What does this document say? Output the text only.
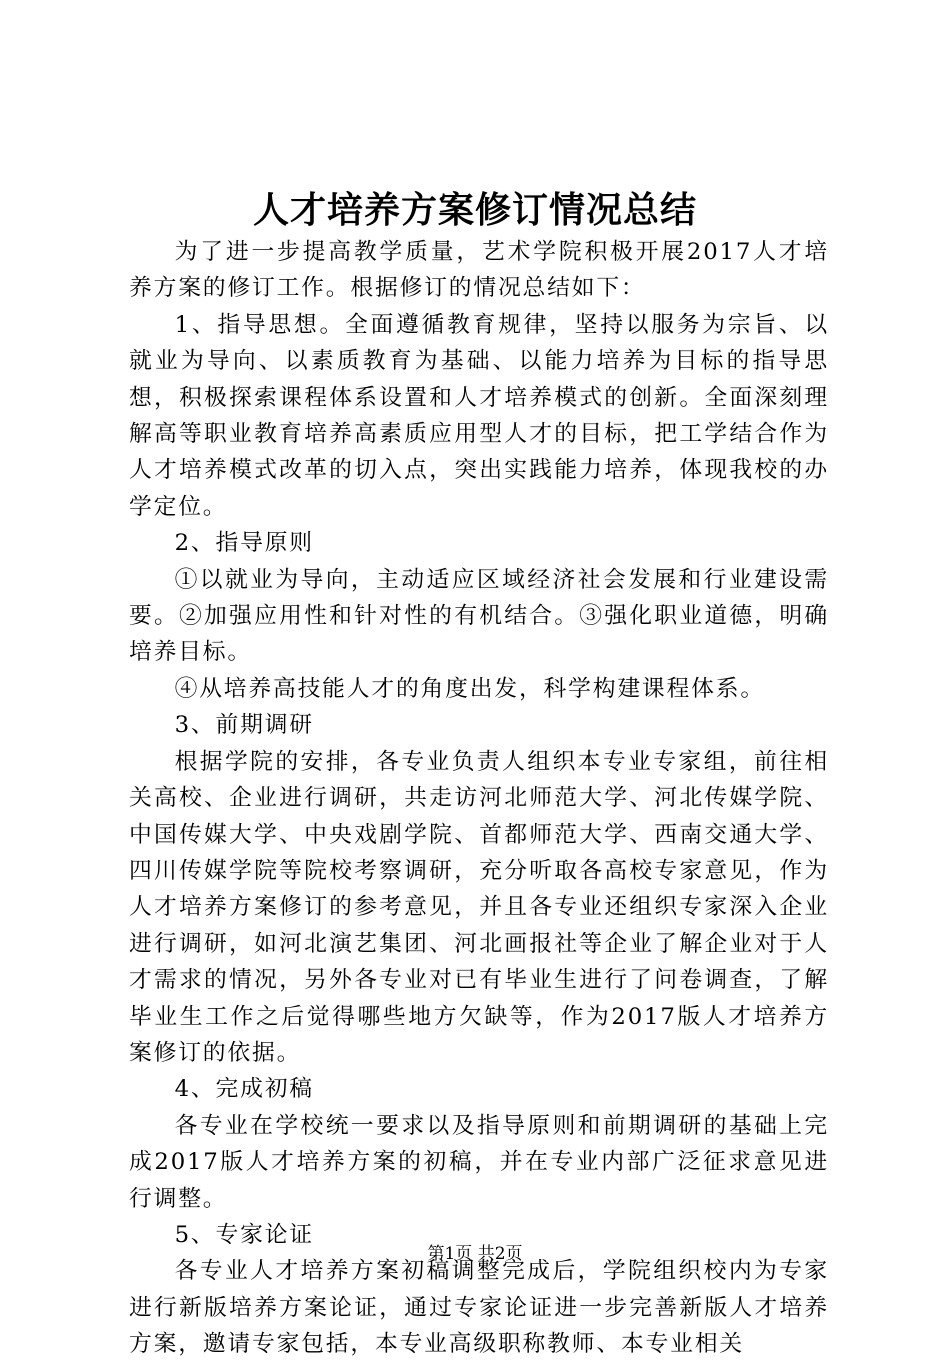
人才培养方案修订情况总结

为了进一步提高教学质量，艺术学院积极开展2017人才培养方案的修订工作。根据修订的情况总结如下：

1、指导思想。全面遵循教育规律，坚持以服务为宗旨、以就业为导向、以素质教育为基础、以能力培养为目标的指导思想，积极探索课程体系设置和人才培养模式的创新。全面深刻理解高等职业教育培养高素质应用型人才的目标，把工学结合作为人才培养模式改革的切入点，突出实践能力培养，体现我校的办学定位。

2、指导原则

①以就业为导向，主动适应区域经济社会发展和行业建设需要。②加强应用性和针对性的有机结合。③强化职业道德，明确培养目标。

④从培养高技能人才的角度出发，科学构建课程体系。

3、前期调研

根据学院的安排，各专业负责人组织本专业专家组，前往相关高校、企业进行调研，共走访河北师范大学、河北传媒学院、中国传媒大学、中央戏剧学院、首都师范大学、西南交通大学、四川传媒学院等院校考察调研，充分听取各高校专家意见，作为人才培养方案修订的参考意见，并且各专业还组织专家深入企业进行调研，如河北演艺集团、河北画报社等企业了解企业对于人才需求的情况，另外各专业对已有毕业生进行了问卷调查，了解毕业生工作之后觉得哪些地方欠缺等，作为2017版人才培养方案修订的依据。

4、完成初稿

各专业在学校统一要求以及指导原则和前期调研的基础上完成2017版人才培养方案的初稿，并在专业内部广泛征求意见进行调整。

5、专家论证

各专业人才培养方案初稿调整完成后，学院组织校内为专家进行新版培养方案论证，通过专家论证进一步完善新版人才培养方案，邀请专家包括，本专业高级职称教师、本专业相关

第1页 共2页
